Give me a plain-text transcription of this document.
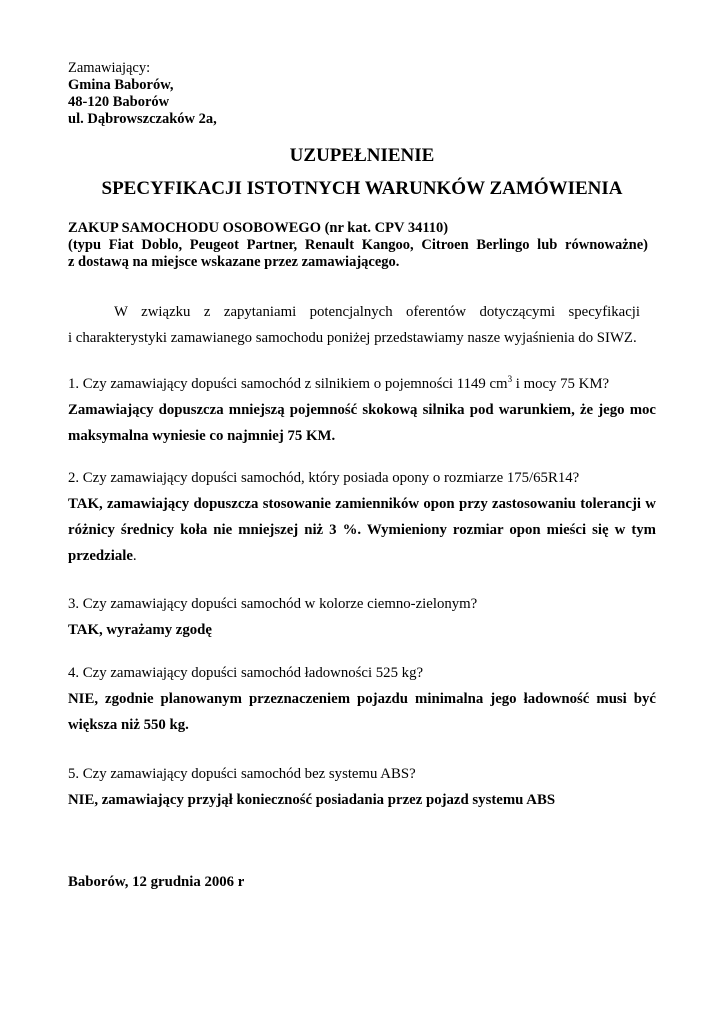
Zamawiający:
Gmina Baborów,
48-120 Baborów
ul. Dąbrowszczaków 2a,
UZUPEŁNIENIE
SPECYFIKACJI ISTOTNYCH WARUNKÓW ZAMÓWIENIA
ZAKUP SAMOCHODU OSOBOWEGO (nr kat. CPV 34110)
(typu Fiat Doblo, Peugeot Partner, Renault Kangoo, Citroen Berlingo lub równoważne)
z dostawą na miejsce wskazane przez zamawiającego.
W związku z zapytaniami potencjalnych oferentów dotyczącymi specyfikacji
i charakterystyki zamawianego samochodu poniżej przedstawiamy nasze wyjaśnienia do SIWZ.
1. Czy zamawiający dopuści samochód z silnikiem o pojemności 1149 $cm^3$ i mocy 75 KM?
Zamawiający dopuszcza mniejszą pojemność skokową silnika pod warunkiem, że jego moc
maksymalna wyniesie co najmniej 75 KM.
2. Czy zamawiający dopuści samochód, który posiada opony o rozmiarze 175/65R14?
TAK, zamawiający dopuszcza stosowanie zamienników opon przy zastosowaniu tolerancji w
różnicy średnicy koła nie mniejszej niż 3 %. Wymieniony rozmiar opon mieści się w tym
przedziale.
3. Czy zamawiający dopuści samochód w kolorze ciemno-zielonym?
TAK, wyrażamy zgodę
4. Czy zamawiający dopuści samochód ładowności 525 kg?
NIE, zgodnie planowanym przeznaczeniem pojazdu minimalna jego ładowność musi być
większa niż 550 kg.
5. Czy zamawiający dopuści samochód bez systemu ABS?
NIE, zamawiający przyjął konieczność posiadania przez pojazd systemu ABS
Baborów, 12 grudnia 2006 r
